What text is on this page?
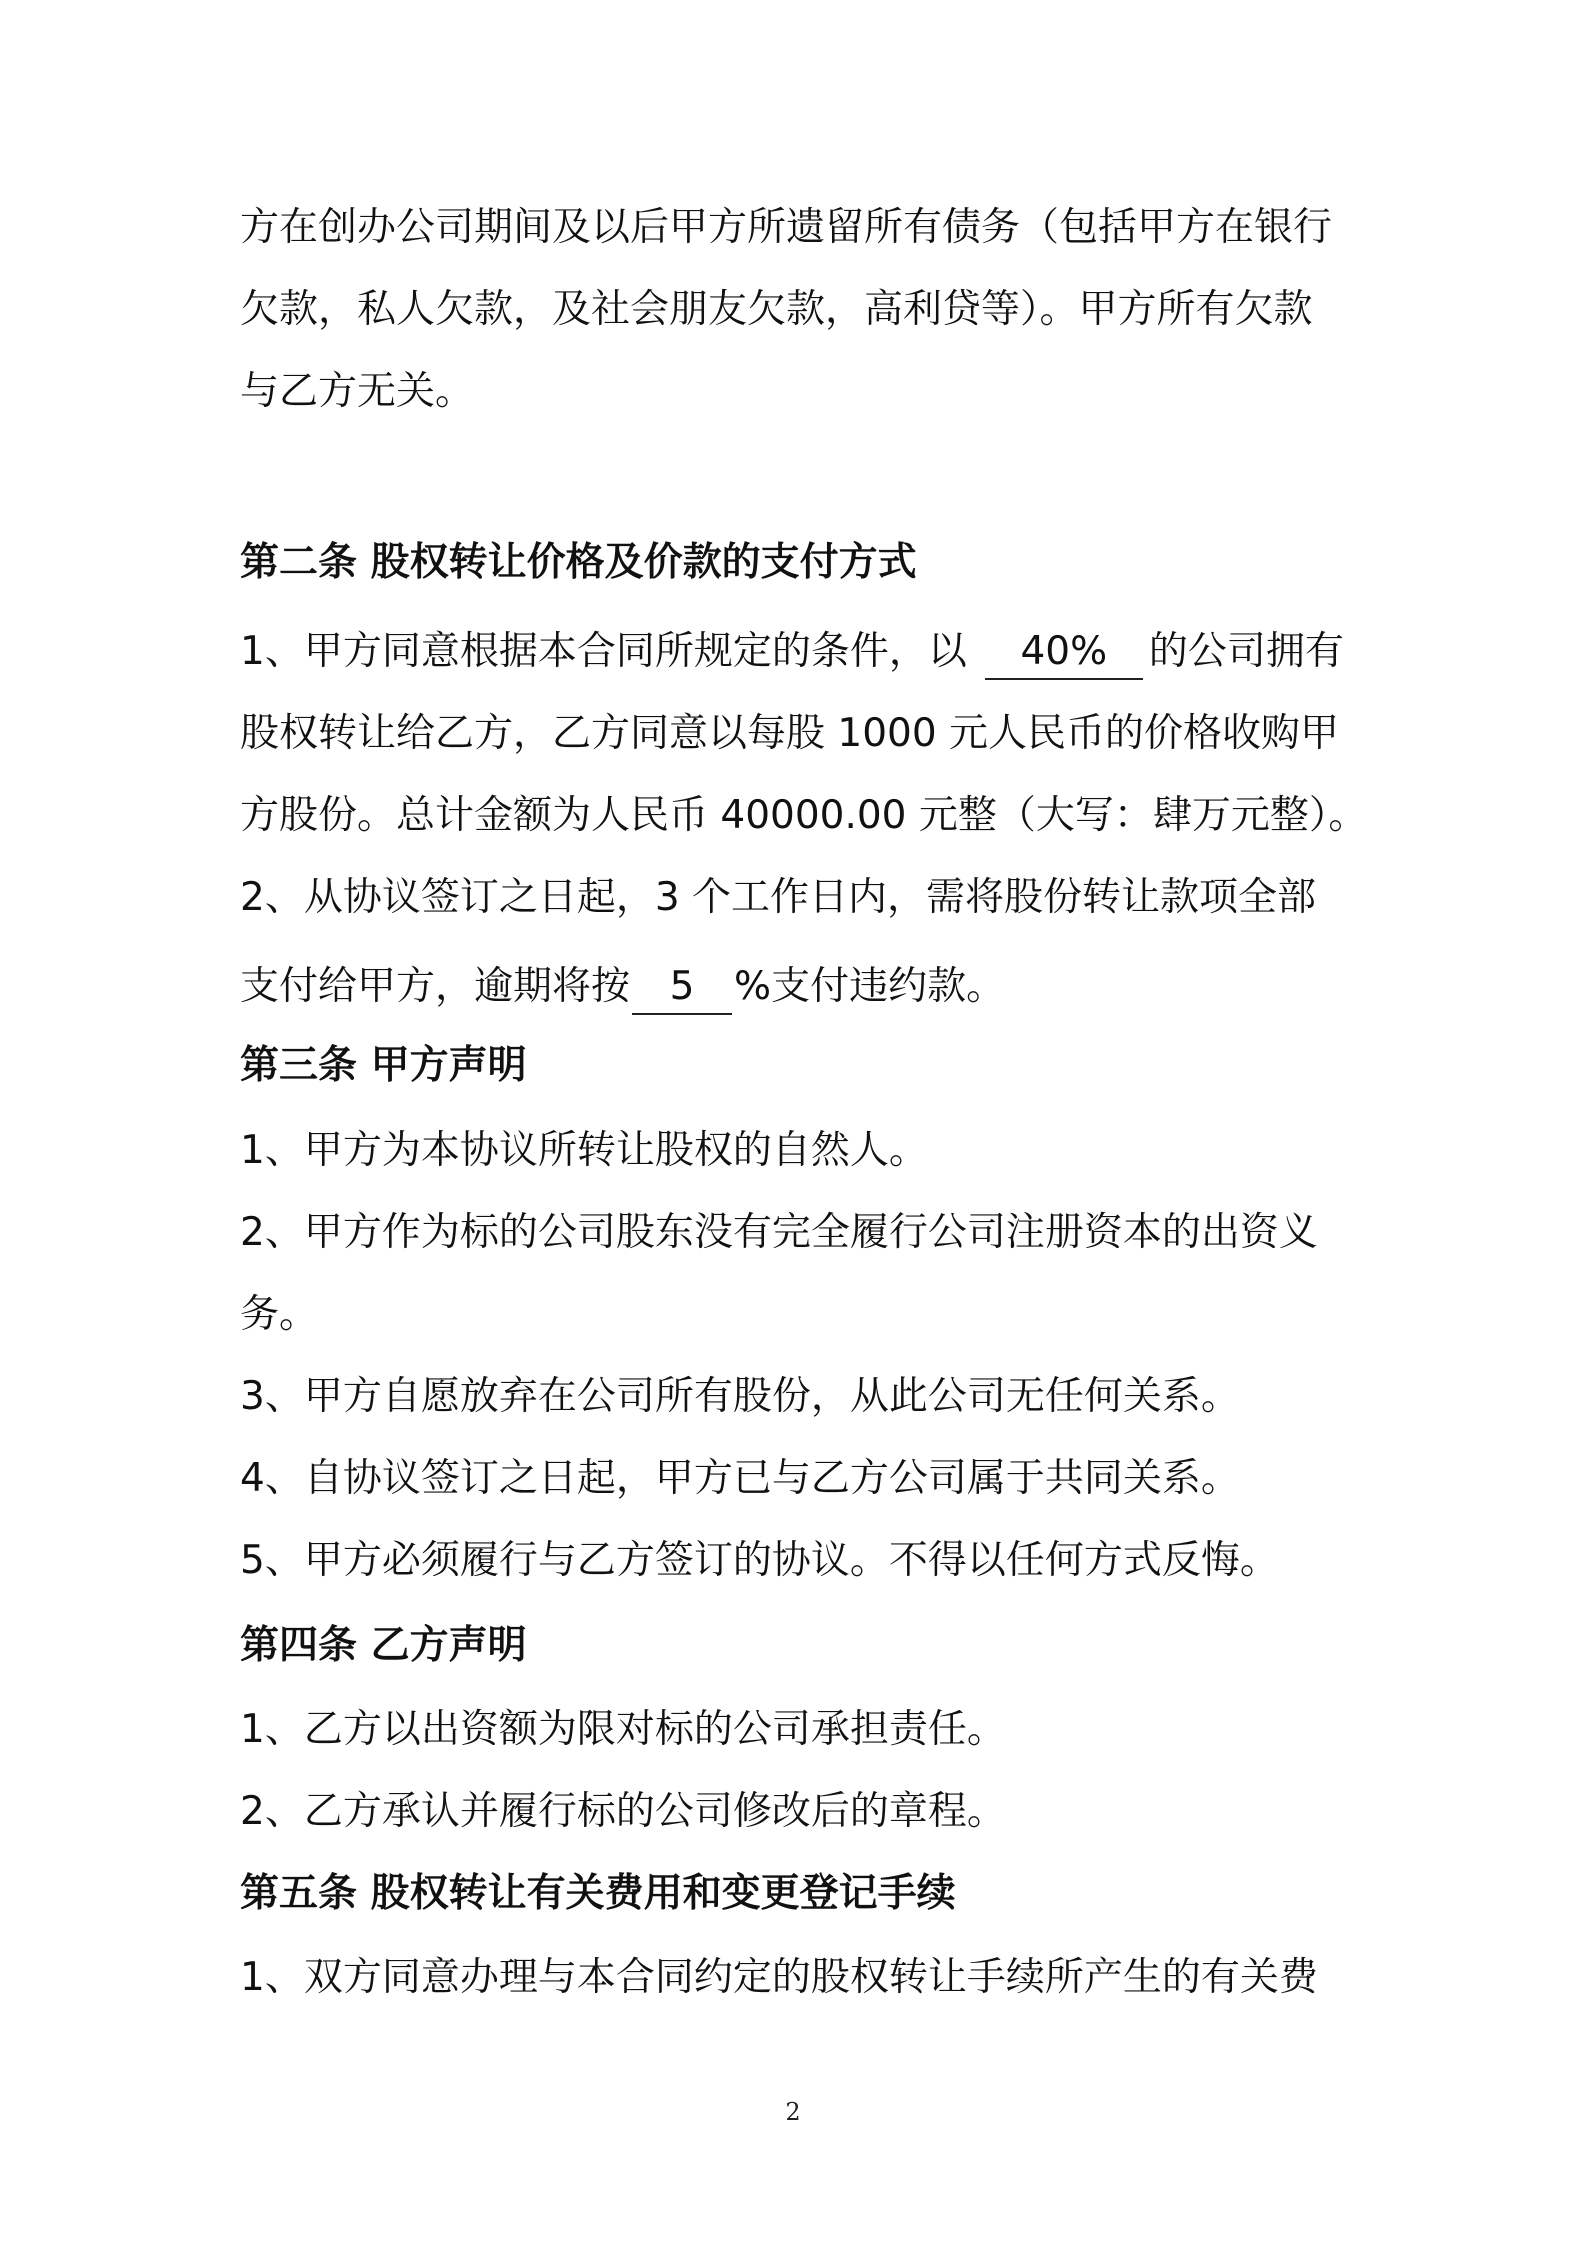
方在创办公司期间及以后甲方所遗留所有债务（包括甲方在银行
欠款，私人欠款，及社会朋友欠款，高利贷等）。甲方所有欠款
与乙方无关。
第二条 股权转让价格及价款的支付方式
1、甲方同意根据本合同所规定的条件，以 40% 的公司拥有
股权转让给乙方，乙方同意以每股 1000 元人民币的价格收购甲
方股份。总计金额为人民币 40000.00 元整（大写：肆万元整）。
2、从协议签订之日起，3 个工作日内，需将股份转让款项全部
支付给甲方，逾期将按 5 %支付违约款。
第三条 甲方声明
1、甲方为本协议所转让股权的自然人。
2、甲方作为标的公司股东没有完全履行公司注册资本的出资义
务。
3、甲方自愿放弃在公司所有股份，从此公司无任何关系。
4、自协议签订之日起，甲方已与乙方公司属于共同关系。
5、甲方必须履行与乙方签订的协议。不得以任何方式反悔。
第四条 乙方声明
1、乙方以出资额为限对标的公司承担责任。
2、乙方承认并履行标的公司修改后的章程。
第五条 股权转让有关费用和变更登记手续
1、双方同意办理与本合同约定的股权转让手续所产生的有关费
2
